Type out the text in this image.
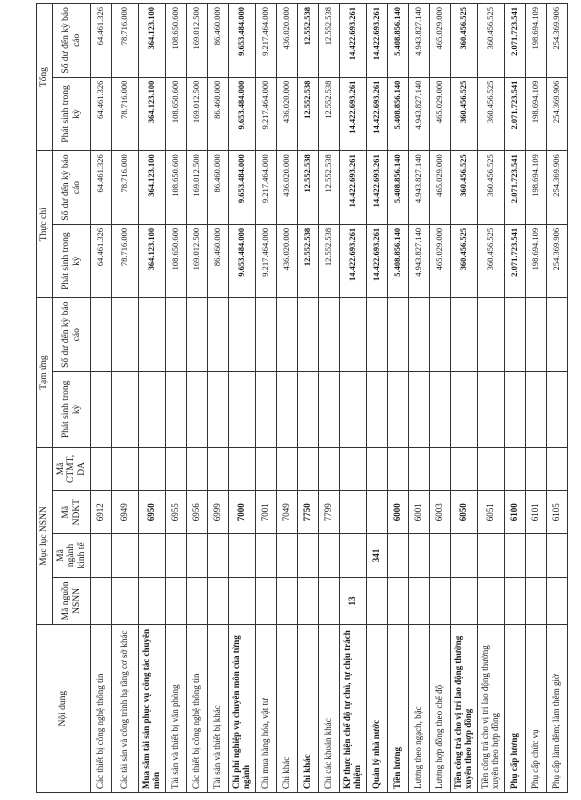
Nội dung	Mục lục NSNN				Tạm ứng		Thực chi		Tổng	
	Mã nguồn NSNN	Mã ngành kinh tế	Mã NDKT	Mã CTMT, DA	Phát sinh trong kỳ	Số dư đến kỳ báo cáo	Phát sinh trong kỳ	Số dư đến kỳ báo cáo	Phát sinh trong kỳ	Số dư đến kỳ báo cáo
Các thiết bị công nghệ thông tin			6912				64.461.326	64.461.326	64.461.326	64.461.326
Các tài sản và công trình hạ tầng cơ sở khác			6949				78.716.000	78.716.000	78.716.000	78.716.000
Mua sắm tài sản phục vụ công tác chuyên môn			6950				364.123.100	364.123.100	364.123.100	364.123.100
Tài sản và thiết bị văn phòng			6955				108.650.600	108.650.600	108.650.600	108.650.600
Các thiết bị công nghệ thông tin			6956				169.012.500	169.012.500	169.012.500	169.012.500
Tài sản và thiết bị khác			6999				86.460.000	86.460.000	86.460.000	86.460.000
Chi phí nghiệp vụ chuyên môn của từng ngành			7000				9.653.484.000	9.653.484.000	9.653.484.000	9.653.484.000
Chi mua hàng hóa, vật tư			7001				9.217.464.000	9.217.464.000	9.217.464.000	9.217.464.000
Chi khác			7049				436.020.000	436.020.000	436.020.000	436.020.000
Chi khác			7750				12.552.538	12.552.538	12.552.538	12.552.538
Chi các khoản khác			7799				12.552.538	12.552.538	12.552.538	12.552.538
KP thực hiện chế độ tự chủ, tự chịu trách nhiệm	13						14.422.693.261	14.422.693.261	14.422.693.261	14.422.693.261
Quản lý nhà nước		341					14.422.693.261	14.422.693.261	14.422.693.261	14.422.693.261
Tiền lương			6000				5.408.856.140	5.408.856.140	5.408.856.140	5.408.856.140
Lương theo ngạch, bậc			6001				4.943.827.140	4.943.827.140	4.943.827.140	4.943.827.140
Lương hợp đồng theo chế độ			6003				465.029.000	465.029.000	465.029.000	465.029.000
Tiền công trả cho vị trí lao động thường xuyên theo hợp đồng			6050				360.456.525	360.456.525	360.456.525	360.456.525
Tiền công trả cho vị trí lao động thường xuyên theo hợp đồng			6051				360.456.525	360.456.525	360.456.525	360.456.525
Phụ cấp lương			6100				2.071.723.541	2.071.723.541	2.071.723.541	2.071.723.541
Phụ cấp chức vụ			6101				198.694.109	198.694.109	198.694.109	198.694.109
Phụ cấp làm đêm; làm thêm giờ			6105				254.369.906	254.369.906	254.369.906	254.369.906
